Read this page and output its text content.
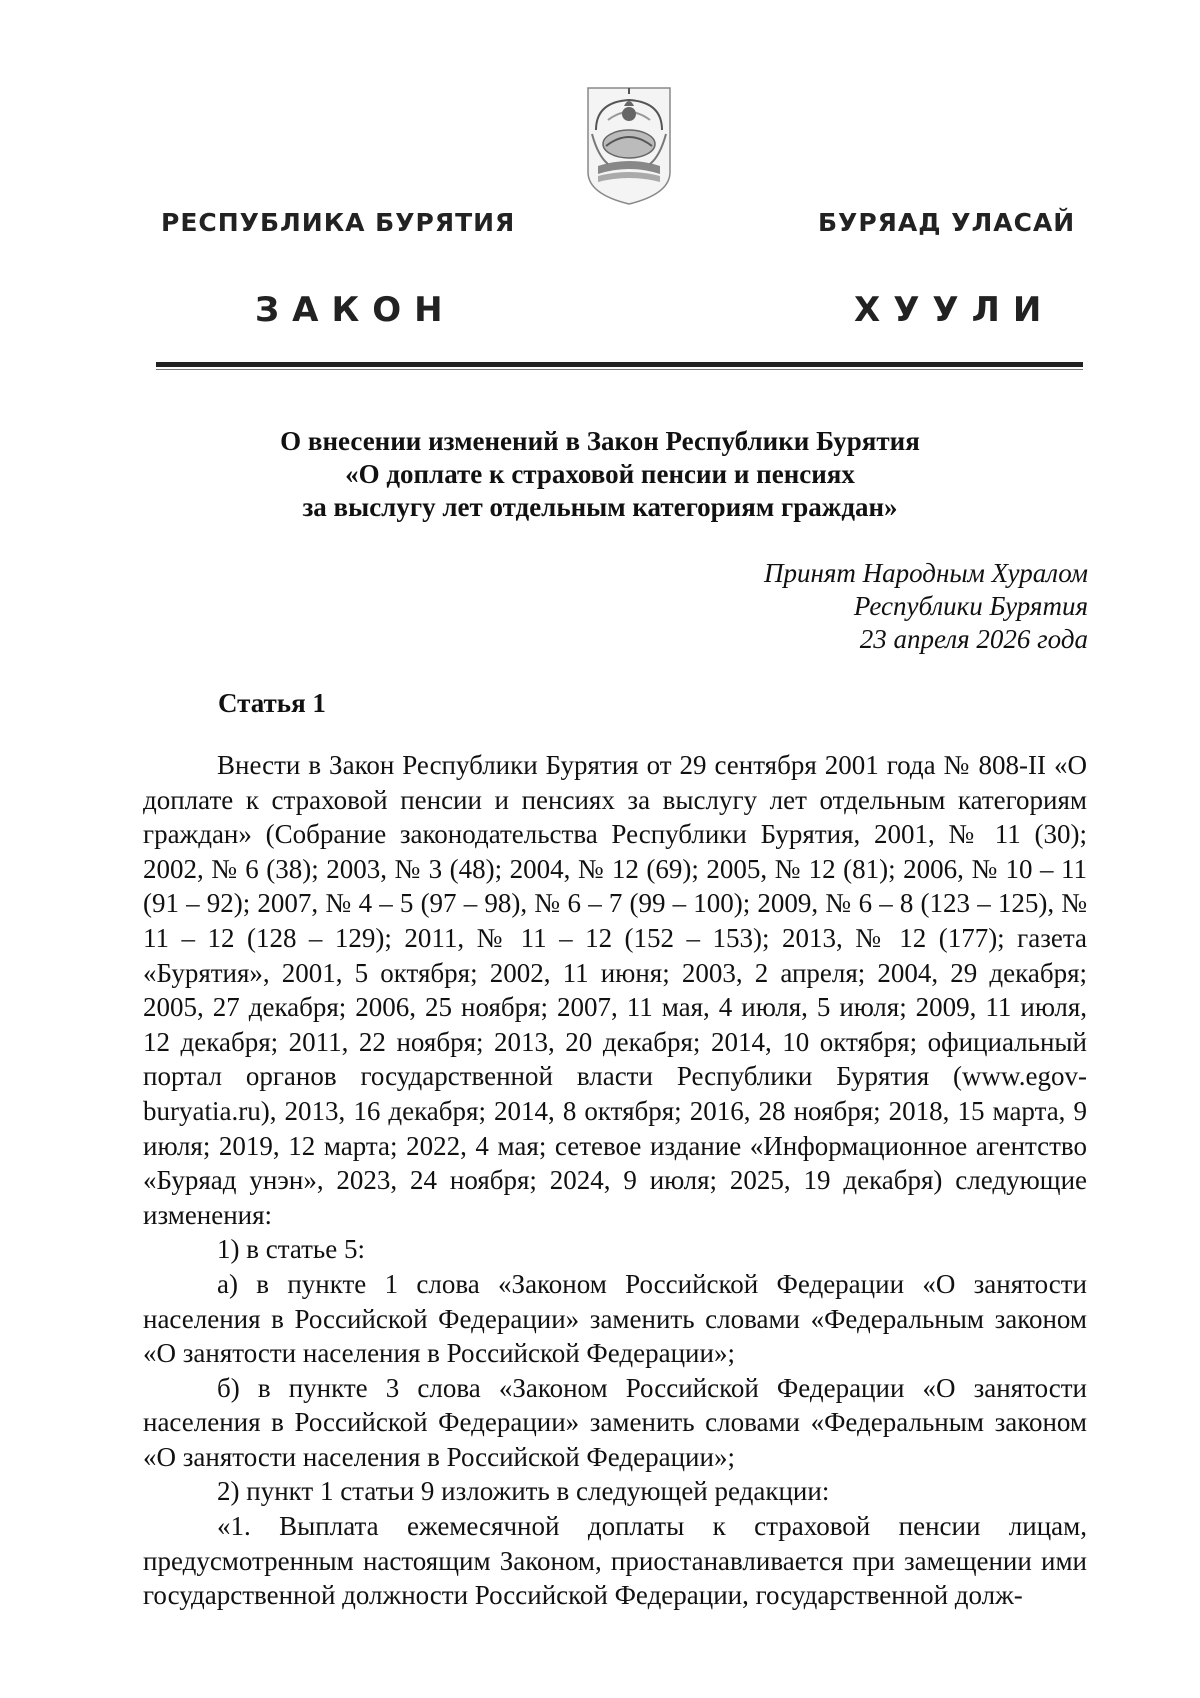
РЕСПУБЛИКА БУРЯТИЯ	БУРЯАД УЛАСАЙ
ЗАКОН	ХУУЛИ
О внесении изменений в Закон Республики Бурятия
«О доплате к страховой пенсии и пенсиях
за выслугу лет отдельным категориям граждан»
Принят Народным Хуралом
Республики Бурятия
23 апреля 2026 года
Статья 1

Внести в Закон Республики Бурятия от 29 сентября 2001 года № 808-II «О доплате к страховой пенсии и пенсиях за выслугу лет отдельным категориям граждан» (Собрание законодательства Республики Бурятия, 2001, № 11 (30); 2002, № 6 (38); 2003, № 3 (48); 2004, № 12 (69); 2005, № 12 (81); 2006, № 10 – 11 (91 – 92); 2007, № 4 – 5 (97 – 98), № 6 – 7 (99 – 100); 2009, № 6 – 8 (123 – 125), № 11 – 12 (128 – 129); 2011, № 11 – 12 (152 – 153); 2013, № 12 (177); газета «Бурятия», 2001, 5 октября; 2002, 11 июня; 2003, 2 апреля; 2004, 29 декабря; 2005, 27 декабря; 2006, 25 ноября; 2007, 11 мая, 4 июля, 5 июля; 2009, 11 июля, 12 декабря; 2011, 22 ноября; 2013, 20 декабря; 2014, 10 октября; официальный портал органов государственной власти Республики Бурятия (www.egov-buryatia.ru), 2013, 16 декабря; 2014, 8 октября; 2016, 28 ноября; 2018, 15 марта, 9 июля; 2019, 12 марта; 2022, 4 мая; сетевое издание «Информационное агентство «Буряад унэн», 2023, 24 ноября; 2024, 9 июля; 2025, 19 декабря) следующие изменения:

1) в статье 5:

а) в пункте 1 слова «Законом Российской Федерации «О занятости населения в Российской Федерации» заменить словами «Федеральным законом «О занятости населения в Российской Федерации»;

б) в пункте 3 слова «Законом Российской Федерации «О занятости населения в Российской Федерации» заменить словами «Федеральным законом «О занятости населения в Российской Федерации»;

2) пункт 1 статьи 9 изложить в следующей редакции:

«1. Выплата ежемесячной доплаты к страховой пенсии лицам, предусмотренным настоящим Законом, приостанавливается при замещении ими государственной должности Российской Федерации, государственной долж-
